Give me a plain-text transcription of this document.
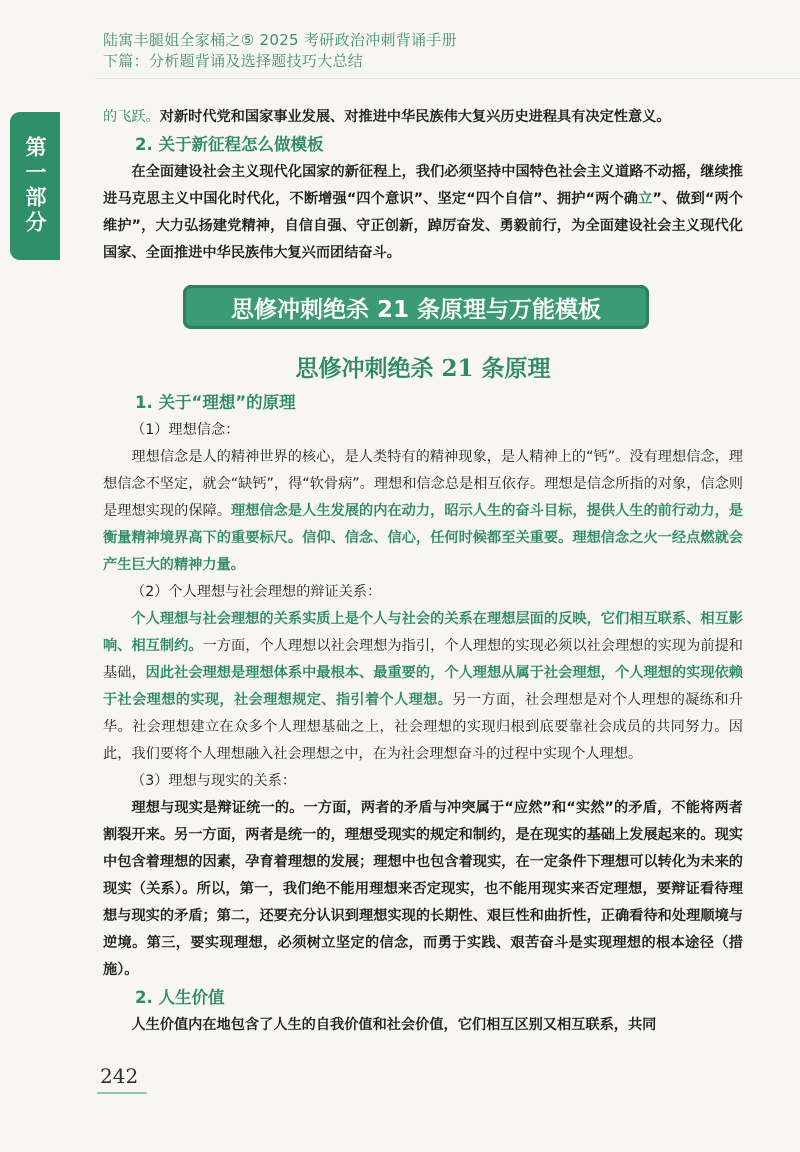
陆寓丰腿姐全家桶之⑤ 2025 考研政治冲刺背诵手册
下篇：分析题背诵及选择题技巧大总结
第一部分

的飞跃。对新时代党和国家事业发展、对推进中华民族伟大复兴历史进程具有决定性意义。

2. 关于新征程怎么做模板

在全面建设社会主义现代化国家的新征程上，我们必须坚持中国特色社会主义道路不动摇，继续推进马克思主义中国化时代化，不断增强“四个意识”、坚定“四个自信”、拥护“两个确立”、做到“两个维护”，大力弘扬建党精神，自信自强、守正创新，踔厉奋发、勇毅前行，为全面建设社会主义现代化国家、全面推进中华民族伟大复兴而团结奋斗。

思修冲刺绝杀 21 条原理与万能模板
思修冲刺绝杀 21 条原理

1. 关于“理想”的原理

（1）理想信念：

理想信念是人的精神世界的核心，是人类特有的精神现象，是人精神上的“钙”。没有理想信念，理想信念不坚定，就会“缺钙”，得“软骨病”。理想和信念总是相互依存。理想是信念所指的对象，信念则是理想实现的保障。理想信念是人生发展的内在动力，昭示人生的奋斗目标，提供人生的前行动力，是衡量精神境界高下的重要标尺。信仰、信念、信心，任何时候都至关重要。理想信念之火一经点燃就会产生巨大的精神力量。

（2）个人理想与社会理想的辩证关系：

个人理想与社会理想的关系实质上是个人与社会的关系在理想层面的反映，它们相互联系、相互影响、相互制约。一方面，个人理想以社会理想为指引，个人理想的实现必须以社会理想的实现为前提和基础，因此社会理想是理想体系中最根本、最重要的，个人理想从属于社会理想，个人理想的实现依赖于社会理想的实现，社会理想规定、指引着个人理想。另一方面，社会理想是对个人理想的凝练和升华。社会理想建立在众多个人理想基础之上，社会理想的实现归根到底要靠社会成员的共同努力。因此，我们要将个人理想融入社会理想之中，在为社会理想奋斗的过程中实现个人理想。

（3）理想与现实的关系：

理想与现实是辩证统一的。一方面，两者的矛盾与冲突属于“应然”和“实然”的矛盾，不能将两者割裂开来。另一方面，两者是统一的，理想受现实的规定和制约，是在现实的基础上发展起来的。现实中包含着理想的因素，孕育着理想的发展；理想中也包含着现实，在一定条件下理想可以转化为未来的现实（关系）。所以，第一，我们绝不能用理想来否定现实，也不能用现实来否定理想，要辩证看待理想与现实的矛盾；第二，还要充分认识到理想实现的长期性、艰巨性和曲折性，正确看待和处理顺境与逆境。第三，要实现理想，必须树立坚定的信念，而勇于实践、艰苦奋斗是实现理想的根本途径（措施）。

2. 人生价值

人生价值内在地包含了人生的自我价值和社会价值，它们相互区别又相互联系，共同

242
